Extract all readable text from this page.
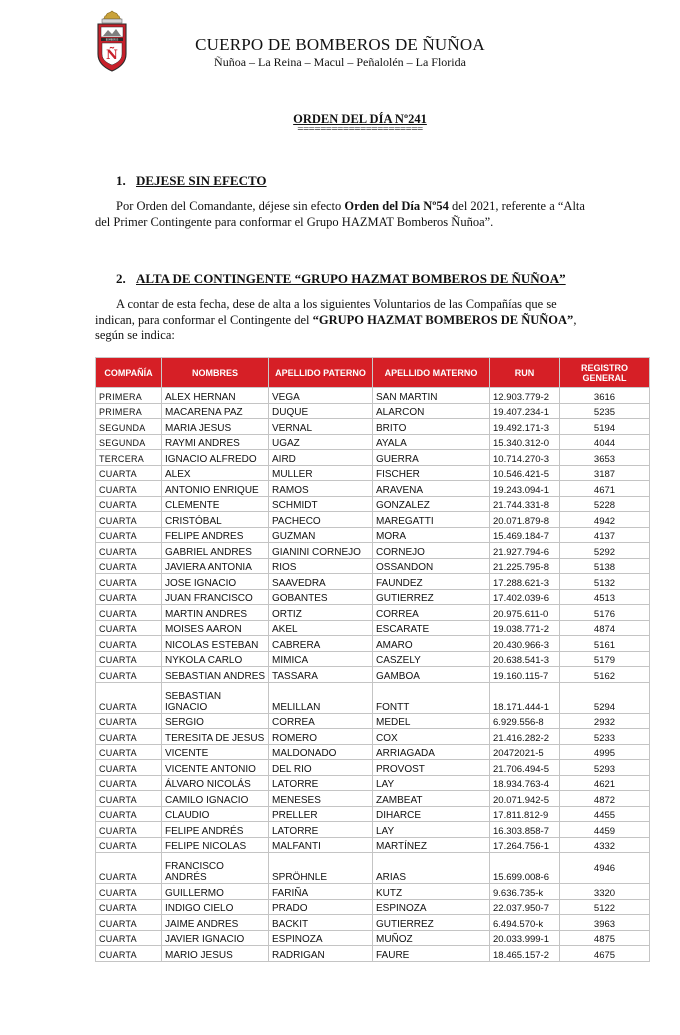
BOMBEROS
Ñ
CUERPO DE BOMBEROS DE ÑUÑOA
Ñuñoa – La Reina – Macul – Peñalolén – La Florida
ORDEN DEL DÍA Nº241
======================
1. DEJESE SIN EFECTO
Por Orden del Comandante, déjese sin efecto Orden del Día Nº54 del 2021, referente a “Alta del Primer Contingente para conformar el Grupo HAZMAT Bomberos Ñuñoa”.
2. ALTA DE CONTINGENTE “GRUPO HAZMAT BOMBEROS DE ÑUÑOA”
A contar de esta fecha, dese de alta a los siguientes Voluntarios de las Compañías que se indican, para conformar el Contingente del “GRUPO HAZMAT BOMBEROS DE ÑUÑOA”, según se indica:
COMPAÑÍA	NOMBRES	APELLIDO PATERNO	APELLIDO MATERNO	RUN	REGISTRO GENERAL
PRIMERA	ALEX HERNAN	VEGA	SAN MARTIN	12.903.779-2	3616
PRIMERA	MACARENA PAZ	DUQUE	ALARCON	19.407.234-1	5235
SEGUNDA	MARIA JESUS	VERNAL	BRITO	19.492.171-3	5194
SEGUNDA	RAYMI ANDRES	UGAZ	AYALA	15.340.312-0	4044
TERCERA	IGNACIO ALFREDO	AIRD	GUERRA	10.714.270-3	3653
CUARTA	ALEX	MULLER	FISCHER	10.546.421-5	3187
CUARTA	ANTONIO ENRIQUE	RAMOS	ARAVENA	19.243.094-1	4671
CUARTA	CLEMENTE	SCHMIDT	GONZALEZ	21.744.331-8	5228
CUARTA	CRISTÓBAL	PACHECO	MAREGATTI	20.071.879-8	4942
CUARTA	FELIPE ANDRES	GUZMAN	MORA	15.469.184-7	4137
CUARTA	GABRIEL ANDRES	GIANINI CORNEJO	CORNEJO	21.927.794-6	5292
CUARTA	JAVIERA ANTONIA	RIOS	OSSANDON	21.225.795-8	5138
CUARTA	JOSE IGNACIO	SAAVEDRA	FAUNDEZ	17.288.621-3	5132
CUARTA	JUAN FRANCISCO	GOBANTES	GUTIERREZ	17.402.039-6	4513
CUARTA	MARTIN ANDRES	ORTIZ	CORREA	20.975.611-0	5176
CUARTA	MOISES AARON	AKEL	ESCARATE	19.038.771-2	4874
CUARTA	NICOLAS ESTEBAN	CABRERA	AMARO	20.430.966-3	5161
CUARTA	NYKOLA CARLO	MIMICA	CASZELY	20.638.541-3	5179
CUARTA	SEBASTIAN ANDRES	TASSARA	GAMBOA	19.160.115-7	5162
CUARTA	SEBASTIAN IGNACIO	MELILLAN	FONTT	18.171.444-1	5294
CUARTA	SERGIO	CORREA	MEDEL	6.929.556-8	2932
CUARTA	TERESITA DE JESUS	ROMERO	COX	21.416.282-2	5233
CUARTA	VICENTE	MALDONADO	ARRIAGADA	20472021-5	4995
CUARTA	VICENTE ANTONIO	DEL RIO	PROVOST	21.706.494-5	5293
CUARTA	ÁLVARO NICOLÁS	LATORRE	LAY	18.934.763-4	4621
CUARTA	CAMILO IGNACIO	MENESES	ZAMBEAT	20.071.942-5	4872
CUARTA	CLAUDIO	PRELLER	DIHARCE	17.811.812-9	4455
CUARTA	FELIPE ANDRÉS	LATORRE	LAY	16.303.858-7	4459
CUARTA	FELIPE NICOLAS	MALFANTI	MARTÍNEZ	17.264.756-1	4332
CUARTA	FRANCISCO ANDRÉS	SPRÖHNLE	ARIAS	15.699.008-6	4946
CUARTA	GUILLERMO	FARIÑA	KUTZ	9.636.735-k	3320
CUARTA	INDIGO CIELO	PRADO	ESPINOZA	22.037.950-7	5122
CUARTA	JAIME ANDRES	BACKIT	GUTIERREZ	6.494.570-k	3963
CUARTA	JAVIER IGNACIO	ESPINOZA	MUÑOZ	20.033.999-1	4875
CUARTA	MARIO JESUS	RADRIGAN	FAURE	18.465.157-2	4675
